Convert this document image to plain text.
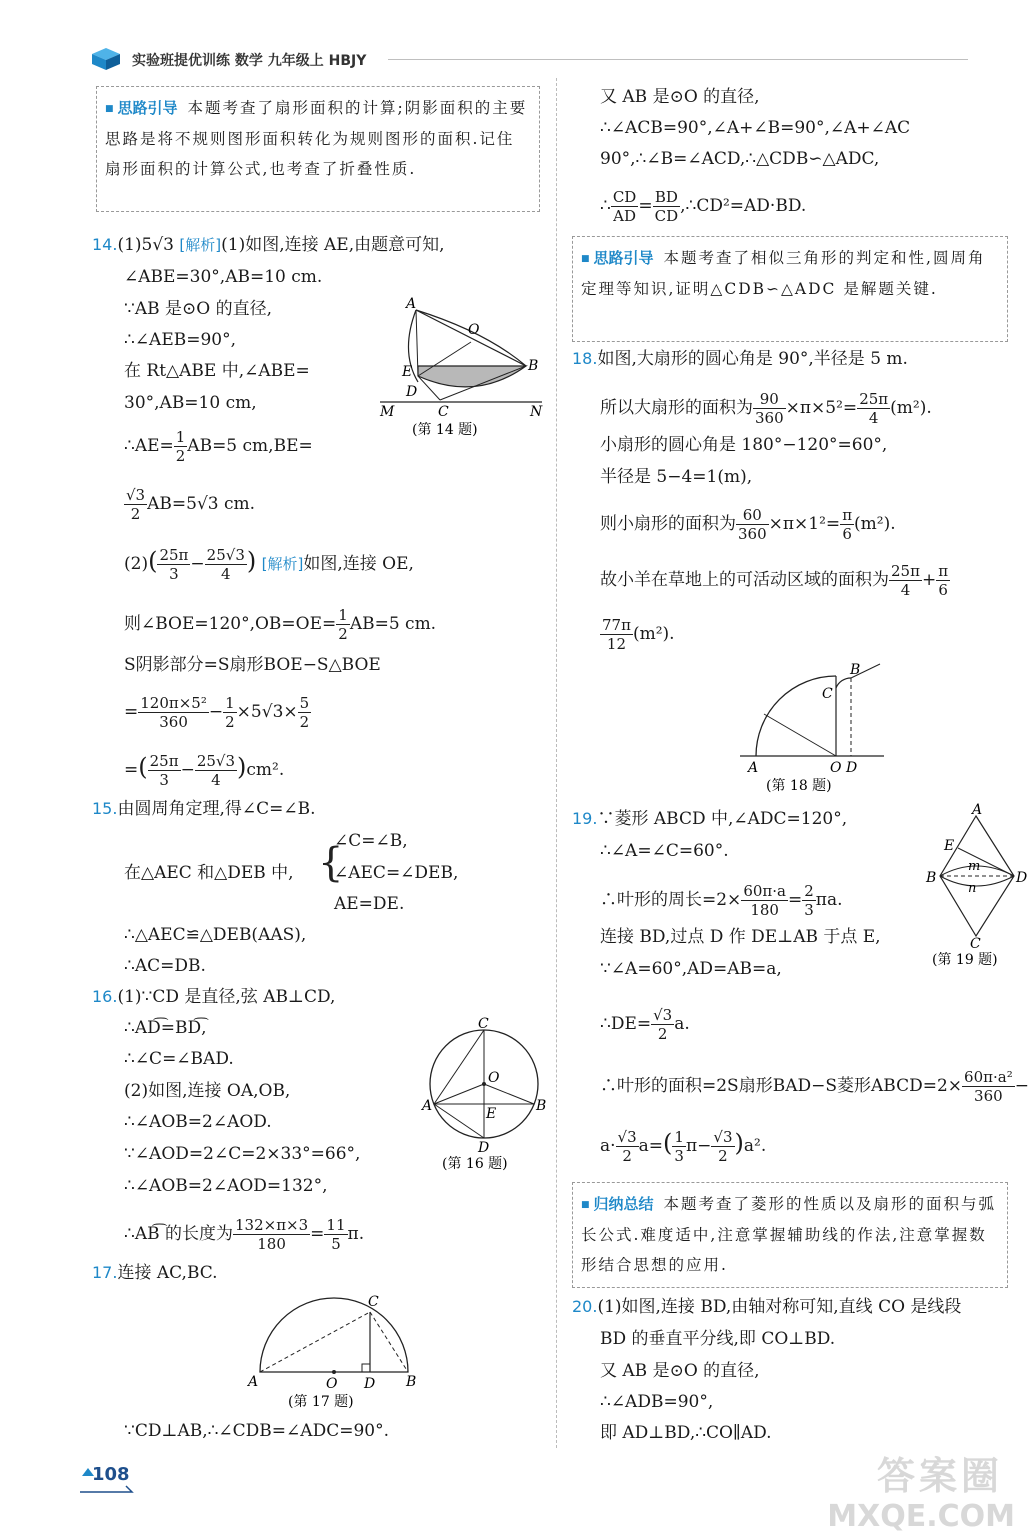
实验班提优训练 数学 九年级上 HBJY
■ 思路引导 本题考查了扇形面积的计算;阴影面积的主要思路是将不规则图形面积转化为规则图形的面积.记住扇形面积的计算公式,也考查了折叠性质.
14.(1)5√3 [解析](1)如图,连接 AE,由题意可知,
∠ABE=30°,AB=10 cm.
∵AB 是⊙O 的直径,
∴∠AEB=90°,
在 Rt△ABE 中,∠ABE=
30°,AB=10 cm,
∴AE= $\frac{1}{2} AB=5$ cm,BE=
$\frac{√3}{2} AB=5√3$ cm.
$(2)( \frac{25\pi}{3} - \frac{25√3}{4}$ ) [解析]如图,连接 OE,
则∠BOE=120°,OB=OE= $\frac{1}{2} AB=5$ cm.
S阴影部分=S扇形BOE−S△BOE
= $\frac{\text{120π×5²}}{360} - \frac{1}{2} \times 5√3\times \frac{5}{2}$
=( $\frac{25\pi}{3} - \frac{25√3}{4} )cm^2$.
A
O
B
E
D
C
M	N
(第 14 题)
15.由圆周角定理,得∠C=∠B.
在△AEC 和△DEB 中, {
∠C=∠B,
∠AEC=∠DEB,
AE=DE.
∴△AEC≌△DEB(AAS),
∴AC=DB.
16.(1)∵CD 是直径,弦 AB⊥CD,
∴AD͡=BD͡,
∴∠C=∠BAD.
(2)如图,连接 OA,OB,
∴∠AOB=2∠AOD.
∵∠AOD=2∠C=2×33°=66°,
∴∠AOB=2∠AOD=132°,
∴AB͡ 的长度为 $\frac{132\times\pi\times 3}{180} = \frac{11}{5} \pi$.
C
O
A	E	B
D
(第 16 题)
17.连接 AC,BC.
C
A	O D B
(第 17 题)
∵CD⊥AB,∴∠CDB=∠ADC=90°.
又 AB 是⊙O 的直径,
∴∠ACB=90°,∠A+∠B=90°,∠A+∠AC
90°,∴∠B=∠ACD,∴△CDB∽△ADC,
∴ $\frac{CD}{AD} = \frac{BD}{CD}$ ,∴CD²=AD·BD.
■ 思路引导 本题考查了相似三角形的判定和性,圆周角定理等知识,证明△CDB∽△ADC 是解题关键.
18.如图,大扇形的圆心角是 90°,半径是 5 m.
所以大扇形的面积为 $\frac{90}{360} \times\pi\times 5^2= \frac{25\pi}{4} (m^2)$.
小扇形的圆心角是 180°−120°=60°,
半径是 5−4=1(m),
则小扇形的面积为 $\frac{60}{360} \times\pi\times 1^2= \frac{\pi}{6} (m^2)$.
故小羊在草地上的可活动区域的面积为 $\frac{25\pi}{4} + \frac{\pi}{6}$
$\frac{77\pi}{12} (m^2)$.
B
C
A	O D
(第 18 题)
19.∵菱形 ABCD 中,∠ADC=120°,
∴∠A=∠C=60°.
∴叶形的周长$=2\times \frac{60\pi\cdot a}{180} = \frac{2}{3} \pi a$.
连接 BD,过点 D 作 DE⊥AB 于点 E,
∵∠A=60°,AD=AB=a,
∴DE= $\frac{√3}{2} a$.
∴叶形的面积=2S扇形BAD−S菱形ABCD=2× $\frac{\text{60π·a²}}{360}$ −
$a\cdot \frac{√3}{2} a=( \frac{1}{3} \pi- \frac{√3}{2} )a^2$.
A
E
B
m
n
D
C
(第 19 题)
■ 归纳总结 本题考查了菱形的性质以及扇形的面积与弧长公式.难度适中,注意掌握辅助线的作法,注意掌握数形结合思想的应用.
20.(1)如图,连接 BD,由轴对称可知,直线 CO 是线段
BD 的垂直平分线,即 CO⊥BD.
又 AB 是⊙O 的直径,
∴∠ADB=90°,
即 AD⊥BD,∴CO∥AD.
108	答案圈
MXQE.COM
